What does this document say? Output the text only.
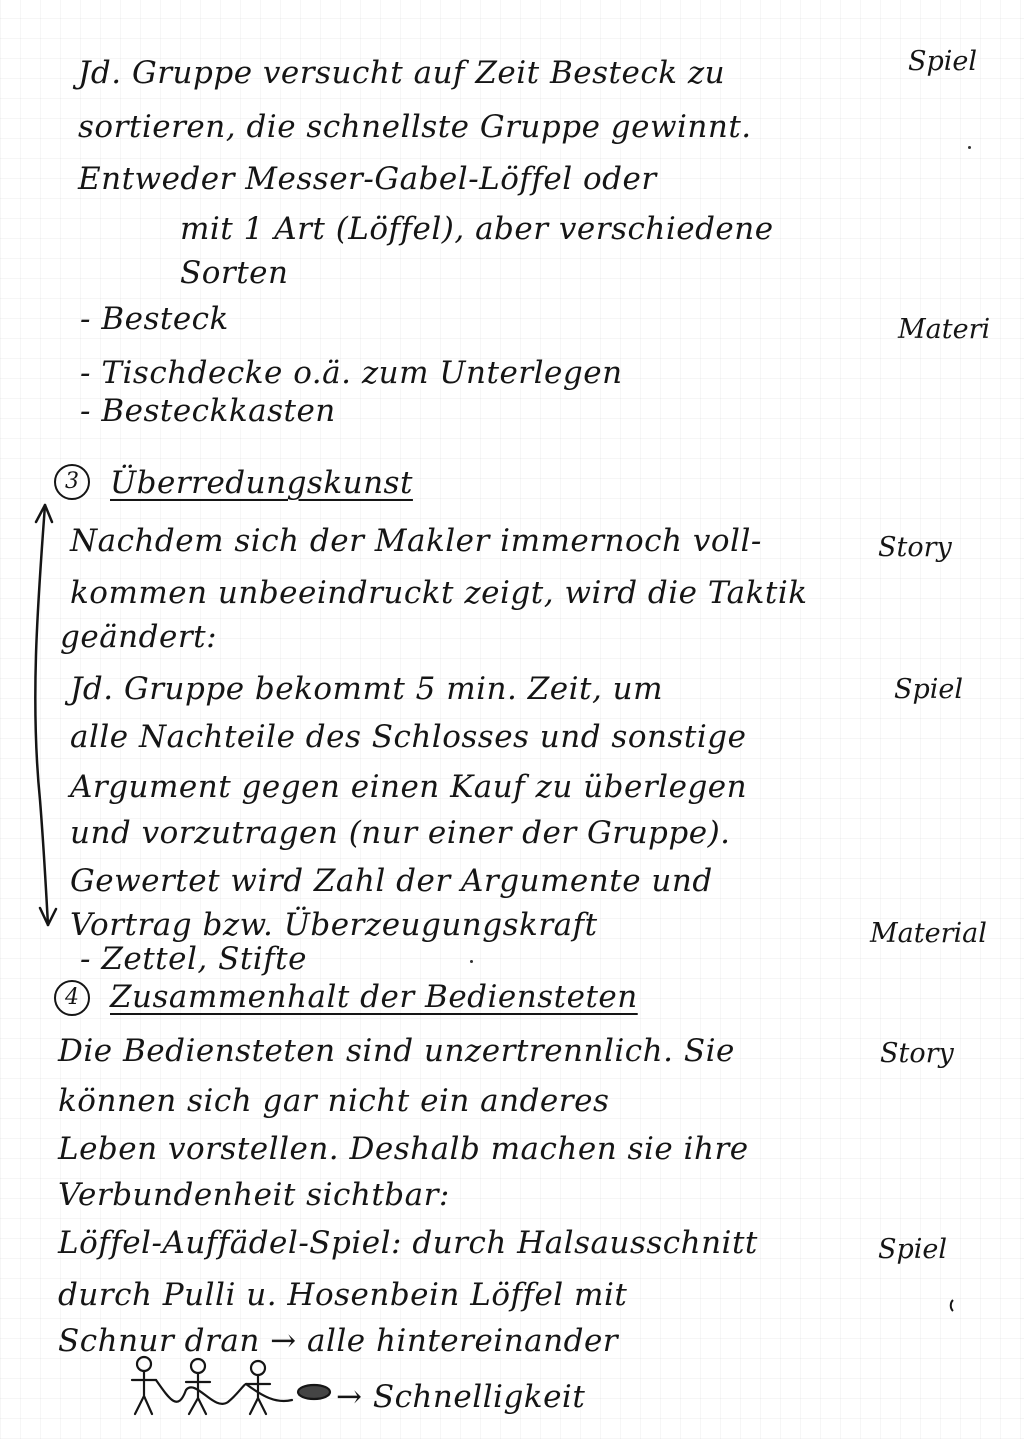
Jd. Gruppe versucht auf Zeit Besteck zu
sortieren, die schnellste Gruppe gewinnt.
Entweder Messer-Gabel-Löffel oder
mit 1 Art (Löffel), aber verschiedene
Sorten
- Besteck
- Tischdecke o.ä. zum Unterlegen
- Besteckkasten
3	Überredungskunst
Nachdem sich der Makler immernoch voll-
kommen unbeeindruckt zeigt, wird die Taktik
geändert:
Jd. Gruppe bekommt 5 min. Zeit, um
alle Nachteile des Schlosses und sonstige
Argument gegen einen Kauf zu überlegen
und vorzutragen (nur einer der Gruppe).
Gewertet wird Zahl der Argumente und
Vortrag bzw. Überzeugungskraft
- Zettel, Stifte
4	Zusammenhalt der Bediensteten
Die Bediensteten sind unzertrennlich. Sie
können sich gar nicht ein anderes
Leben vorstellen. Deshalb machen sie ihre
Verbundenheit sichtbar:
Löffel-Auffädel-Spiel: durch Halsausschnitt
durch Pulli u. Hosenbein Löffel mit
Schnur dran → alle hintereinander
→ Schnelligkeit
Spiel
Materi
Story
Spiel
Material
Story
Spiel
